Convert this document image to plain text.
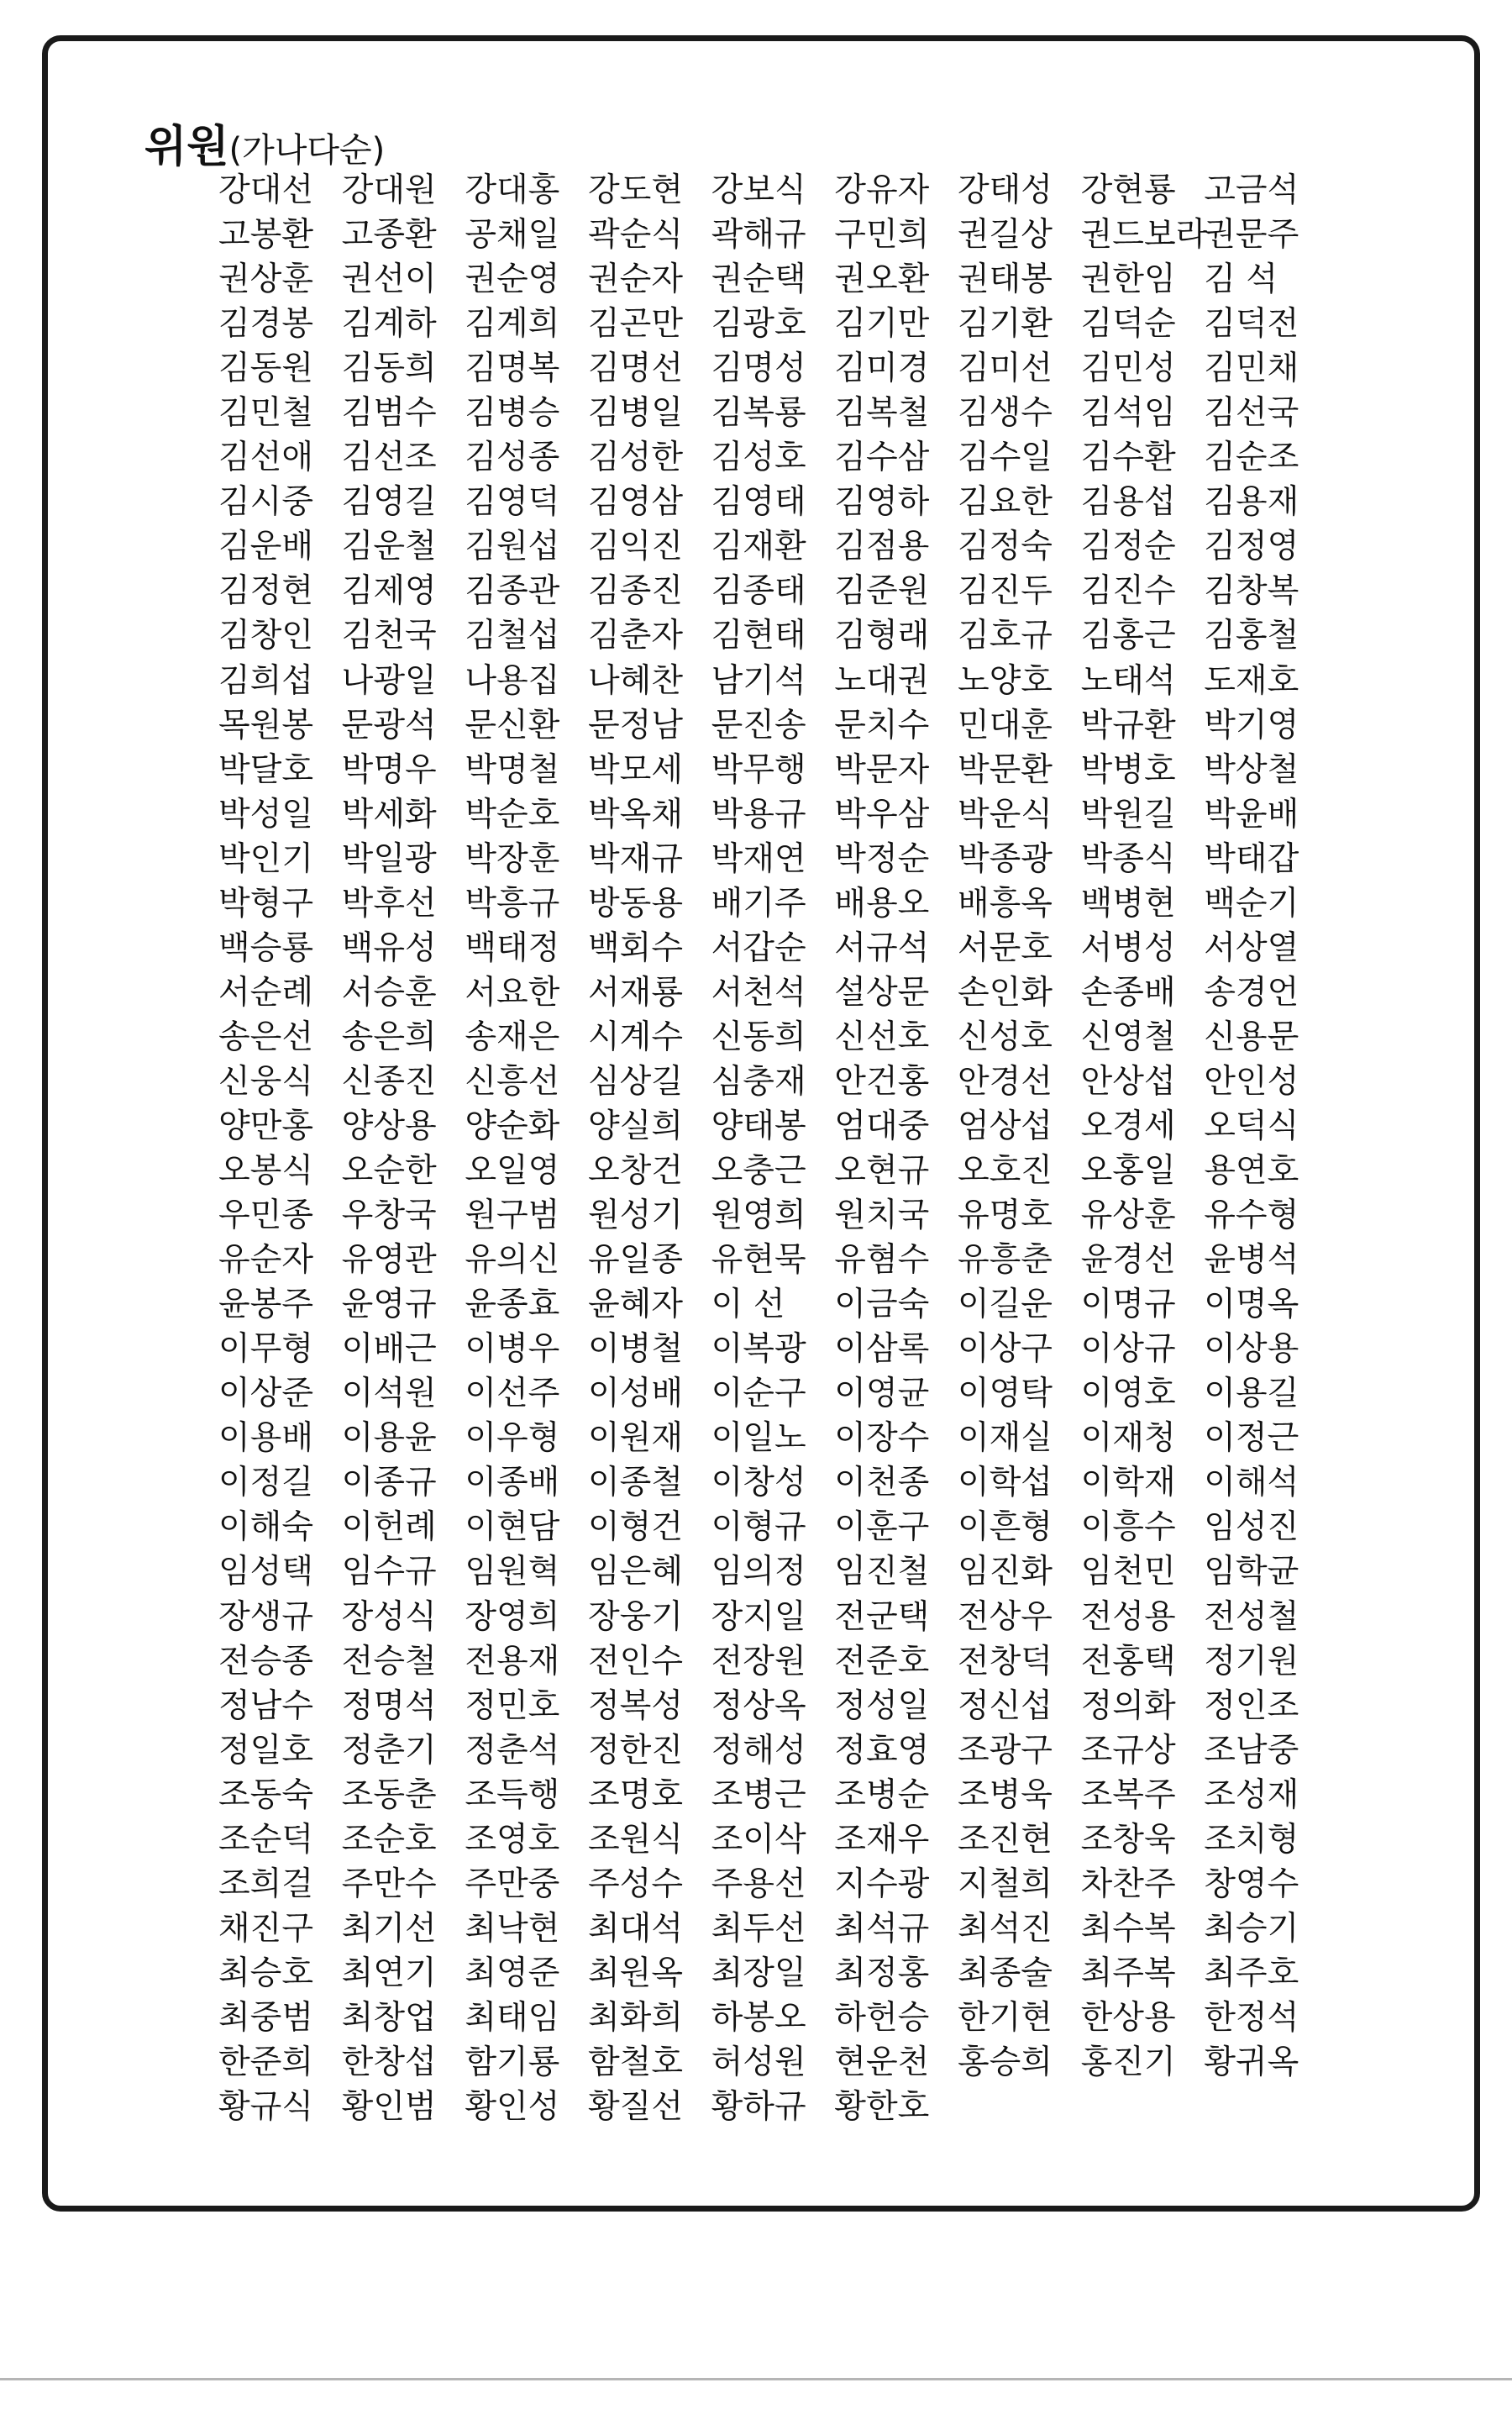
위원(가나다순)
강대선 강대원 강대홍 강도현 강보식 강유자 강태성 강현룡 고금석
고봉환 고종환 공채일 곽순식 곽해규 구민희 권길상 권드보라
권문주
권상훈 권선이 권순영 권순자 권순택 권오환 권태봉 권한임 김 석
김경봉 김계하 김계희 김곤만 김광호 김기만 김기환 김덕순 김덕전
김동원 김동희 김명복 김명선 김명성 김미경 김미선 김민성 김민채
김민철 김범수 김병승 김병일 김복룡 김복철 김생수 김석임 김선국
김선애 김선조 김성종 김성한 김성호 김수삼 김수일 김수환 김순조
김시중 김영길 김영덕 김영삼 김영태 김영하 김요한 김용섭 김용재
김운배 김운철 김원섭 김익진 김재환 김점용 김정숙 김정순 김정영
김정현 김제영 김종관 김종진 김종태 김준원 김진두 김진수 김창복
김창인 김천국 김철섭 김춘자 김현태 김형래 김호규 김홍근 김홍철
김희섭 나광일 나용집 나혜찬 남기석 노대권 노양호 노태석 도재호
목원봉 문광석 문신환 문정남 문진송 문치수 민대훈 박규환 박기영
박달호 박명우 박명철 박모세 박무행 박문자 박문환 박병호 박상철
박성일 박세화 박순호 박옥채 박용규 박우삼 박운식 박원길 박윤배
박인기 박일광 박장훈 박재규 박재연 박정순 박종광 박종식 박태갑
박형구 박후선 박흥규 방동용 배기주 배용오 배흥옥 백병현 백순기
백승룡 백유성 백태정 백회수 서갑순 서규석 서문호 서병성 서상열
서순례 서승훈 서요한 서재룡 서천석 설상문 손인화 손종배 송경언
송은선 송은희 송재은 시계수 신동희 신선호 신성호 신영철 신용문
신웅식 신종진 신흥선 심상길 심충재 안건홍 안경선 안상섭 안인성
양만홍 양상용 양순화 양실희 양태봉 엄대중 엄상섭 오경세 오덕식
오봉식 오순한 오일영 오창건 오충근 오현규 오호진 오홍일 용연호
우민종 우창국 원구범 원성기 원영희 원치국 유명호 유상훈 유수형
유순자 유영관 유의신 유일종 유현묵 유혐수 유흥춘 윤경선 윤병석
윤봉주 윤영규 윤종효 윤혜자 이 선	이금숙 이길운 이명규 이명옥
이무형 이배근 이병우 이병철 이복광 이삼록 이상구 이상규 이상용
이상준 이석원 이선주 이성배 이순구 이영균 이영탁 이영호 이용길
이용배 이용윤 이우형 이원재 이일노 이장수 이재실 이재청 이정근
이정길 이종규 이종배 이종철 이창성 이천종 이학섭 이학재 이해석
이해숙 이헌례 이현담 이형건 이형규 이훈구 이흔형 이흥수 임성진
임성택 임수규 임원혁 임은혜 임의정 임진철 임진화 임천민 임학균
장생규 장성식 장영희 장웅기 장지일 전군택 전상우 전성용 전성철
전승종 전승철 전용재 전인수 전장원 전준호 전창덕 전홍택 정기원
정남수 정명석 정민호 정복성 정상옥 정성일 정신섭 정의화 정인조
정일호 정춘기 정춘석 정한진 정해성 정효영 조광구 조규상 조남중
조동숙 조동춘 조득행 조명호 조병근 조병순 조병욱 조복주 조성재
조순덕 조순호 조영호 조원식 조이삭 조재우 조진현 조창욱 조치형
조희걸 주만수 주만중 주성수 주용선 지수광 지철희 차찬주 창영수
채진구 최기선 최낙현 최대석 최두선 최석규 최석진 최수복 최승기
최승호 최연기 최영준 최원옥 최장일 최정홍 최종술 최주복 최주호
최중범 최창업 최태임 최화희 하봉오 하헌승 한기현 한상용 한정석
한준희 한창섭 함기룡 함철호 허성원 현운천 홍승희 홍진기 황귀옥
황규식 황인범 황인성 황질선 황하규 황한호
